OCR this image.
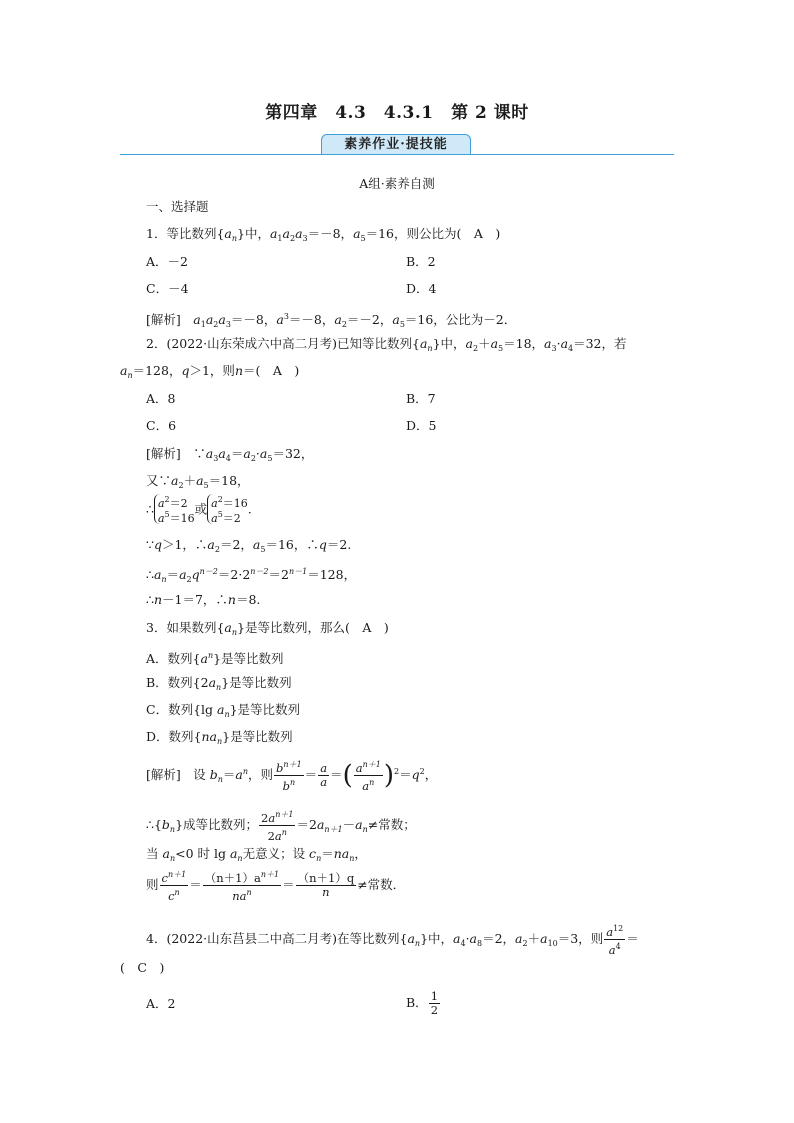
第四章　4.3　4.3.1　第 2 课时
素养作业·提技能
A组·素养自测
一、选择题
1．等比数列$\{a_n\}$中，$a_1a_2a_3=-8$，$a_5=16$，则公比为(　A　)
A．－2	B．2
C．－4	D．4
[解析]　$a_1a_2a_3=-8$，$a^3=-8$，$a_2=-2$，$a_5=16$，公比为－2．
2．(2022·山东荣成六中高二月考)已知等比数列$\{a_n\}$中，$a_2+a_5=18$，$a_3\cdot a_4=32$，若
$a_n=128$，q＞1，则n＝(　A　)
A．8	B．7
C．6	D．5
[解析]　$\because a_3a_4=a_2\cdot a_5=32$，
又$\because a_2+a_5=18$，
∴ $a^2=2$
$a^5=16$或 $a^2=16$
$a^5=2$.
∵q＞1，$\therefore a_2=2$，$a_5=16$，∴q＝2.
$\therefore a_n=a_2q^{n-2}=2\cdot 2^{n-2}=2^{n-1}=128$，
∴n－1＝7，∴n＝8.
3．如果数列$\{a_n\}$是等比数列，那么(　A　)
A．数列$\{a^n\}$是等比数列
B．数列$\{2a_n\}$是等比数列
C．数列{lg $a_n$}是等比数列
D．数列$\{na_n\}$是等比数列
[解析]　设 $b_n=a^n$，则 $\frac{b^{n+1}}{b^n} = \frac{a}{a}$ ＝( $\frac{a^{n+1}}{a^n} )^2=q^2$，
$\therefore\{b_n\}$成等比数列； $\frac{2a^{n+1}}{2a^n} =2a_{n+1}-a_n\ne$常数；
当 $a_n<0$ 时 $\lg a_n$无意义；设 $c_n=na_n$，
则 $\frac{c^{n+1}}{c^n} = \frac{(n+1)a^{n+1}}{na^n} = \frac{(n+1)q}{n}$ ≠常数．
4．(2022·山东莒县二中高二月考)在等比数列$\{a_n\}$中，$a_4\cdot a_8=2$，$a_2+a_{10}=3$，则 $\frac{a^{12}}{a^4}$ ＝
(　C　)
A．2	B． $\frac{1}{2}$
